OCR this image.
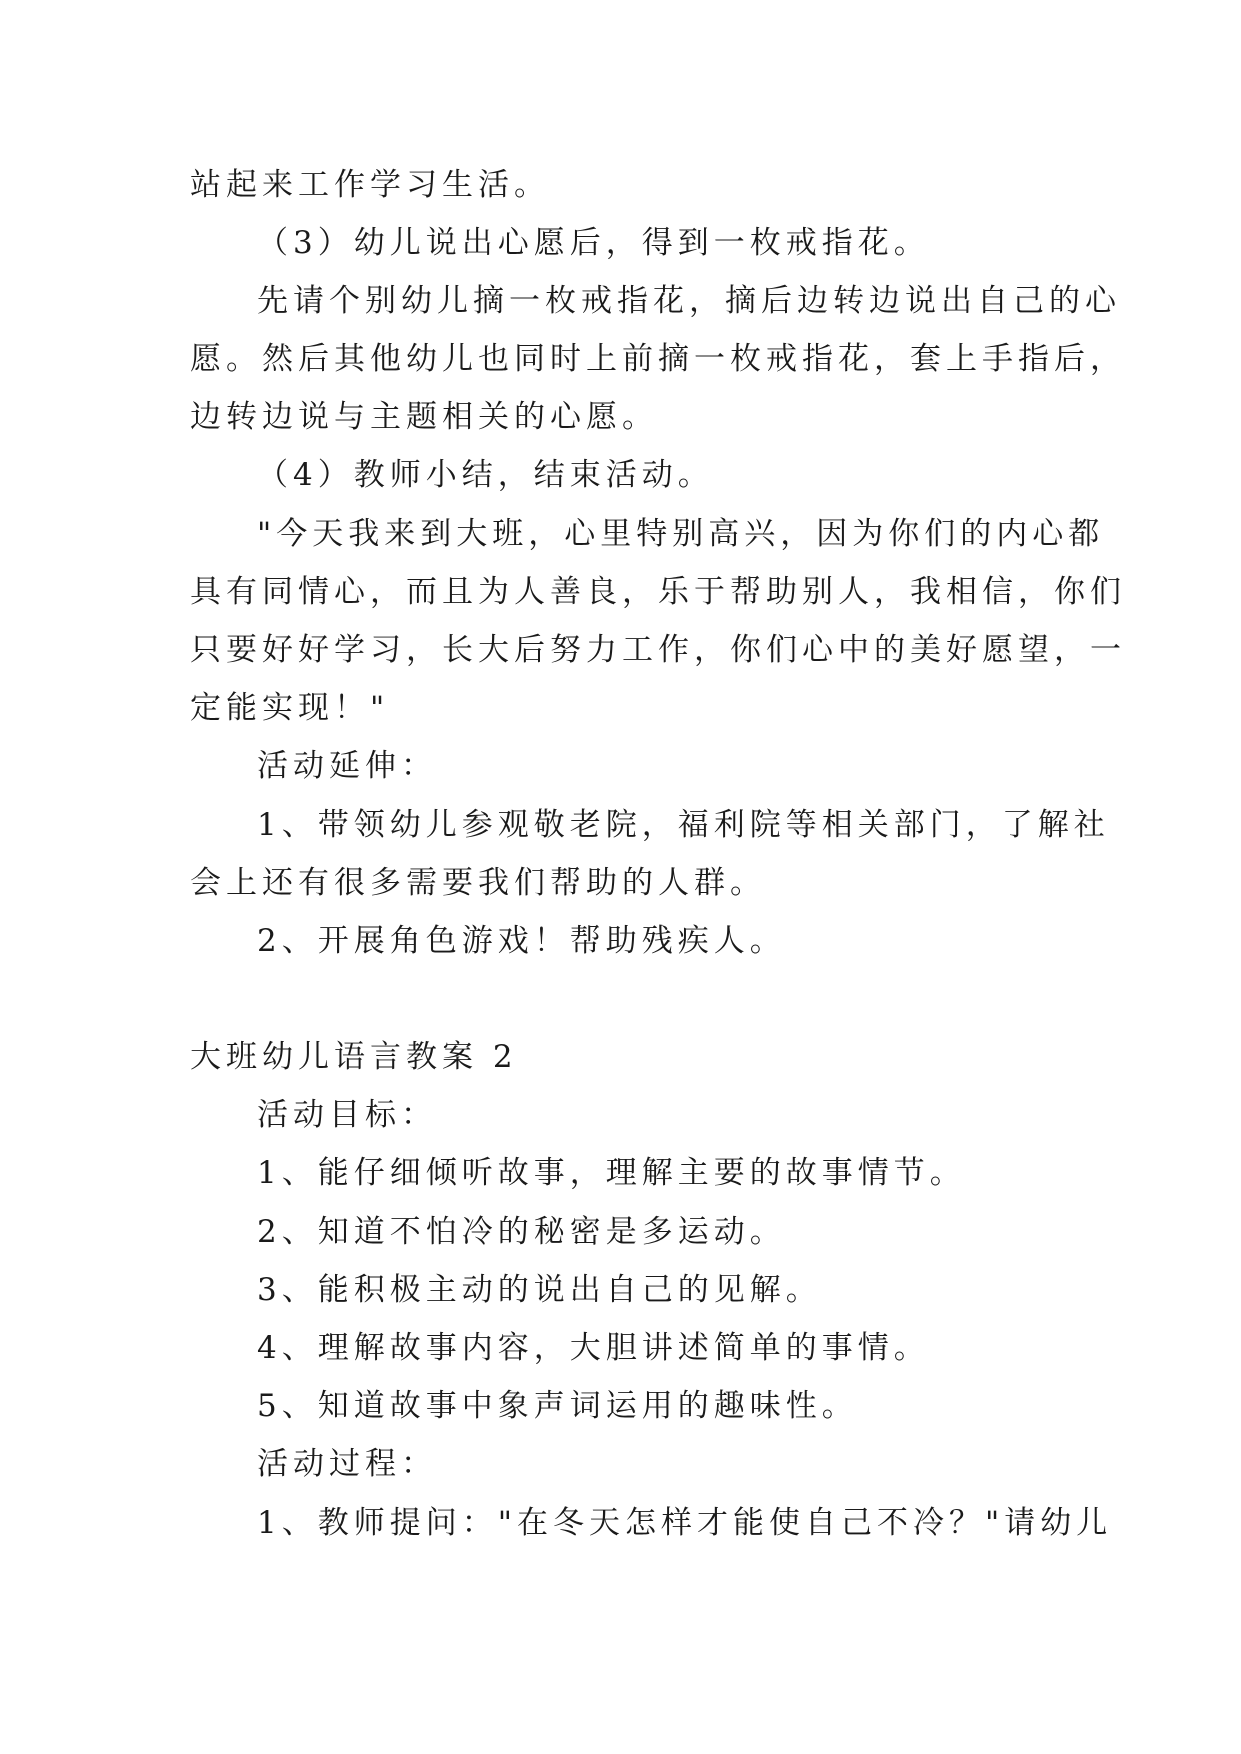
站起来工作学习生活。
（3）幼儿说出心愿后，得到一枚戒指花。
先请个别幼儿摘一枚戒指花，摘后边转边说出自己的心
愿。然后其他幼儿也同时上前摘一枚戒指花，套上手指后，
边转边说与主题相关的心愿。
（4）教师小结，结束活动。
"今天我来到大班，心里特别高兴，因为你们的内心都
具有同情心，而且为人善良，乐于帮助别人，我相信，你们
只要好好学习，长大后努力工作，你们心中的美好愿望，一
定能实现！"
活动延伸：
1、带领幼儿参观敬老院，福利院等相关部门，了解社
会上还有很多需要我们帮助的人群。
2、开展角色游戏！帮助残疾人。
大班幼儿语言教案 2
活动目标：
1、能仔细倾听故事，理解主要的故事情节。
2、知道不怕冷的秘密是多运动。
3、能积极主动的说出自己的见解。
4、理解故事内容，大胆讲述简单的事情。
5、知道故事中象声词运用的趣味性。
活动过程：
1、教师提问："在冬天怎样才能使自己不冷？"请幼儿
